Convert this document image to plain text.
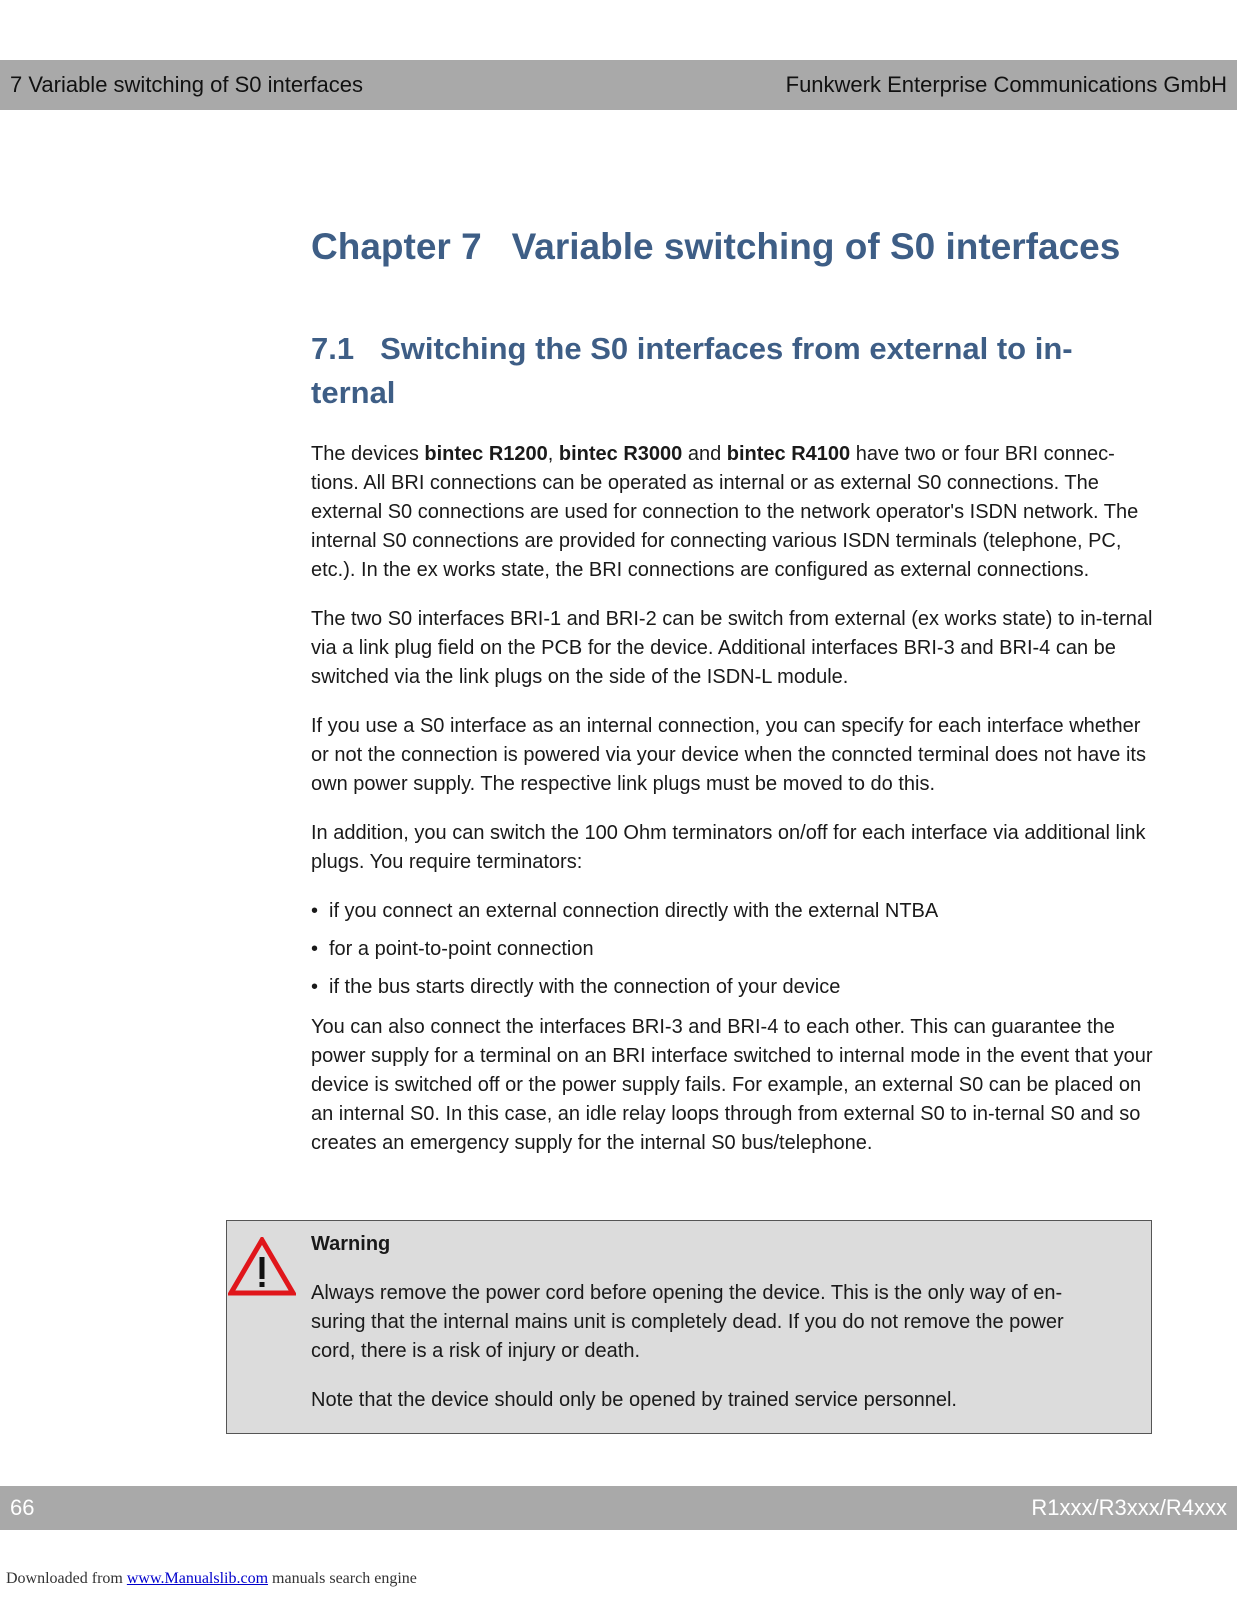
7 Variable switching of S0 interfaces	Funkwerk Enterprise Communications GmbH
Chapter 7 Variable switching of S0 interfaces
7.1 Switching the S0 interfaces from external to in-ternal

The devices bintec R1200, bintec R3000 and bintec R4100 have two or four BRI connec-tions. All BRI connections can be operated as internal or as external S0 connections. The external S0 connections are used for connection to the network operator's ISDN network. The internal S0 connections are provided for connecting various ISDN terminals (telephone, PC, etc.). In the ex works state, the BRI connections are configured as external connections.

The two S0 interfaces BRI-1 and BRI-2 can be switch from external (ex works state) to in-ternal via a link plug field on the PCB for the device. Additional interfaces BRI-3 and BRI-4 can be switched via the link plugs on the side of the ISDN-L module.

If you use a S0 interface as an internal connection, you can specify for each interface whether or not the connection is powered via your device when the conncted terminal does not have its own power supply. The respective link plugs must be moved to do this.

In addition, you can switch the 100 Ohm terminators on/off for each interface via additional link plugs. You require terminators:

• if you connect an external connection directly with the external NTBA
• for a point-to-point connection
• if the bus starts directly with the connection of your device

You can also connect the interfaces BRI-3 and BRI-4 to each other. This can guarantee the power supply for a terminal on an BRI interface switched to internal mode in the event that your device is switched off or the power supply fails. For example, an external S0 can be placed on an internal S0. In this case, an idle relay loops through from external S0 to in-ternal S0 and so creates an emergency supply for the internal S0 bus/telephone.

Warning

Always remove the power cord before opening the device. This is the only way of en-suring that the internal mains unit is completely dead. If you do not remove the power cord, there is a risk of injury or death.

Note that the device should only be opened by trained service personnel.

66	R1xxx/R3xxx/R4xxx
Downloaded from www.Manualslib.com manuals search engine
